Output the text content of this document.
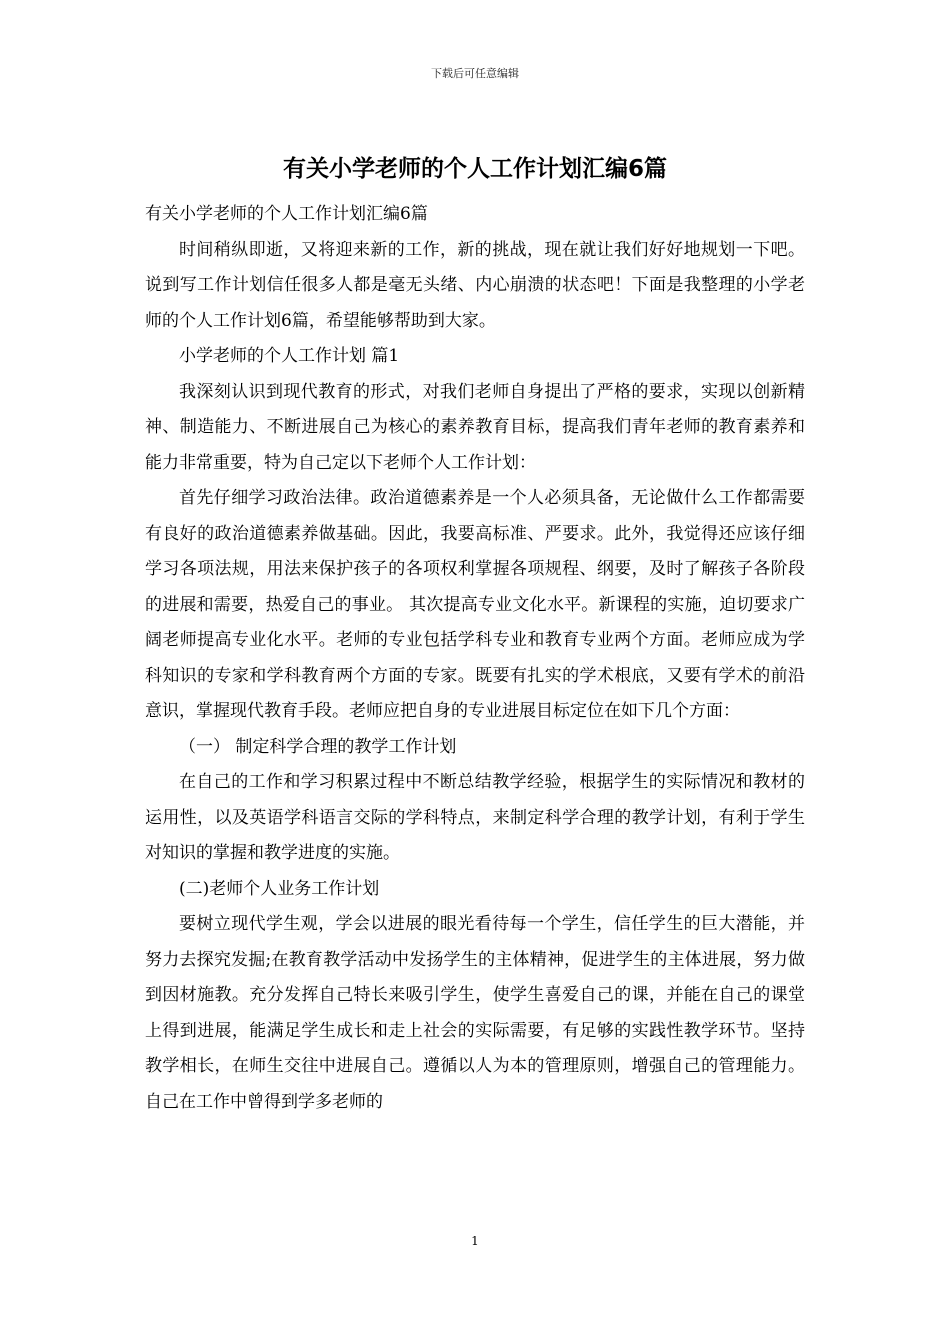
下载后可任意编辑
有关小学老师的个人工作计划汇编6篇

有关小学老师的个人工作计划汇编6篇

时间稍纵即逝，又将迎来新的工作，新的挑战，现在就让我们好好地规划一下吧。说到写工作计划信任很多人都是毫无头绪、内心崩溃的状态吧！下面是我整理的小学老师的个人工作计划6篇，希望能够帮助到大家。

小学老师的个人工作计划 篇1

我深刻认识到现代教育的形式，对我们老师自身提出了严格的要求，实现以创新精神、制造能力、不断进展自己为核心的素养教育目标，提高我们青年老师的教育素养和能力非常重要，特为自己定以下老师个人工作计划：

首先仔细学习政治法律。政治道德素养是一个人必须具备，无论做什么工作都需要有良好的政治道德素养做基础。因此，我要高标准、严要求。此外，我觉得还应该仔细学习各项法规，用法来保护孩子的各项权利掌握各项规程、纲要，及时了解孩子各阶段的进展和需要，热爱自己的事业。 其次提高专业文化水平。新课程的实施，迫切要求广阔老师提高专业化水平。老师的专业包括学科专业和教育专业两个方面。老师应成为学科知识的专家和学科教育两个方面的专家。既要有扎实的学术根底，又要有学术的前沿意识，掌握现代教育手段。老师应把自身的专业进展目标定位在如下几个方面：

（一） 制定科学合理的教学工作计划

在自己的工作和学习积累过程中不断总结教学经验，根据学生的实际情况和教材的运用性，以及英语学科语言交际的学科特点，来制定科学合理的教学计划，有利于学生对知识的掌握和教学进度的实施。

(二)老师个人业务工作计划

要树立现代学生观，学会以进展的眼光看待每一个学生，信任学生的巨大潜能，并努力去探究发掘;在教育教学活动中发扬学生的主体精神，促进学生的主体进展，努力做到因材施教。充分发挥自己特长来吸引学生，使学生喜爱自己的课，并能在自己的课堂上得到进展，能满足学生成长和走上社会的实际需要，有足够的实践性教学环节。坚持教学相长，在师生交往中进展自己。遵循以人为本的管理原则，增强自己的管理能力。自己在工作中曾得到学多老师的

1
